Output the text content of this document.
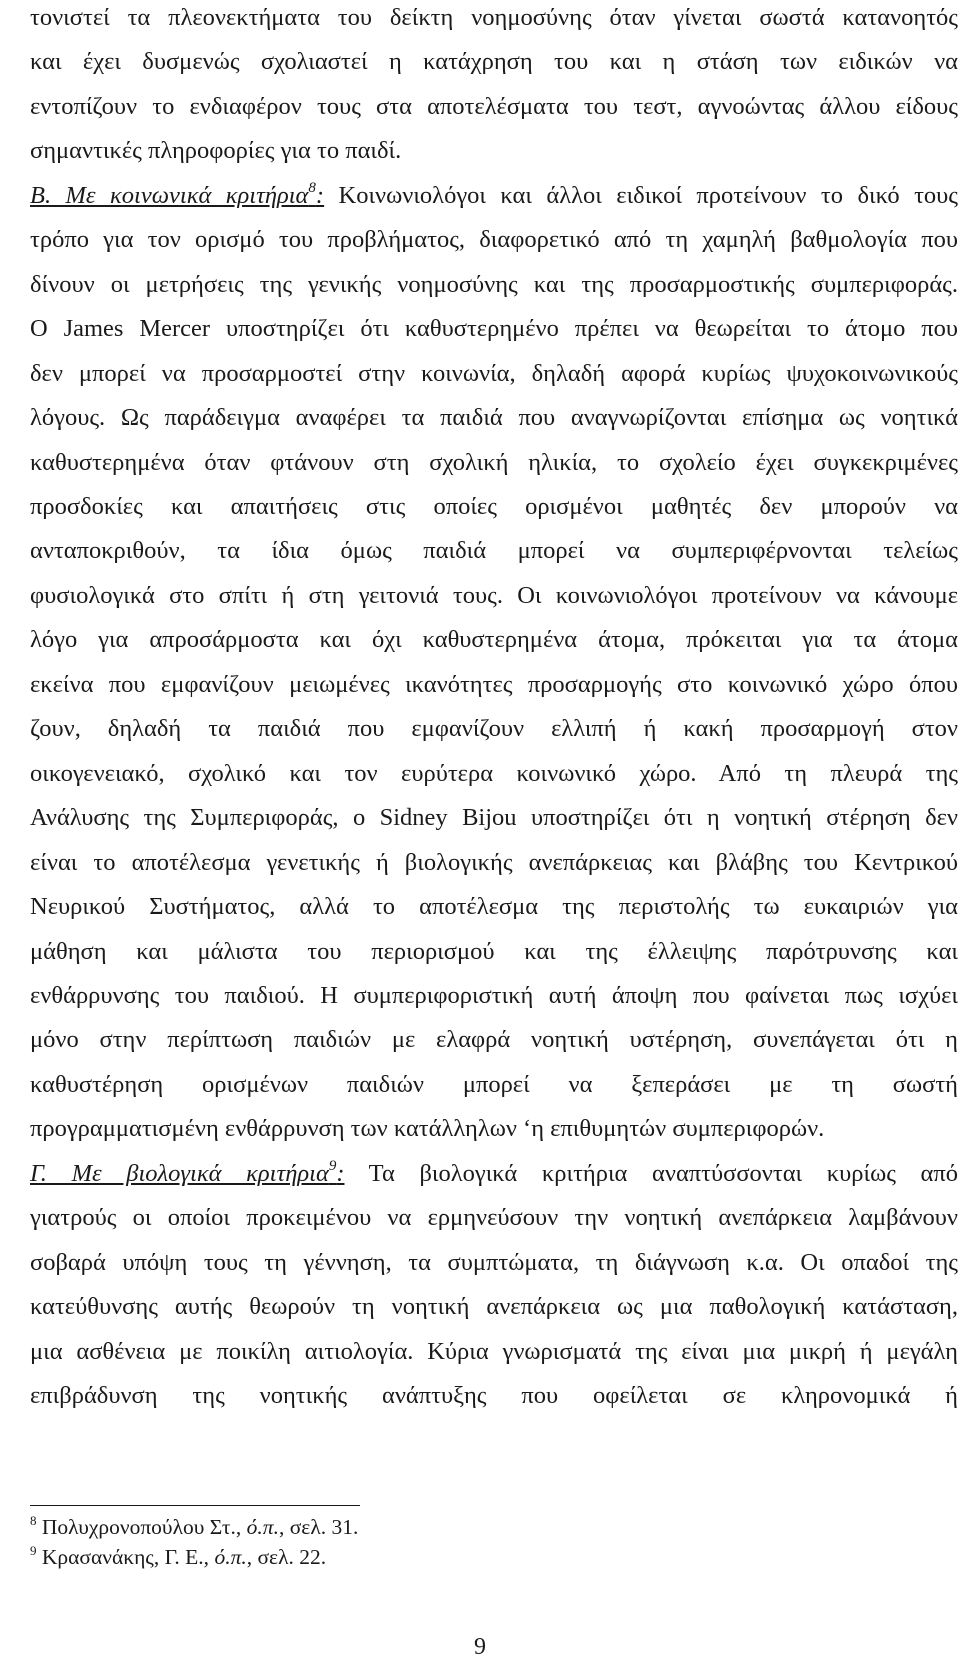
τονιστεί τα πλεονεκτήματα του δείκτη νοημοσύνης όταν γίνεται σωστά κατανοητός
και έχει δυσμενώς σχολιαστεί η κατάχρηση του και η στάση των ειδικών να
εντοπίζουν το ενδιαφέρον τους στα αποτελέσματα του τεστ, αγνοώντας άλλου είδους
σημαντικές πληροφορίες για το παιδί.
Β. Με κοινωνικά κριτήρια$^8$: Κοινωνιολόγοι και άλλοι ειδικοί προτείνουν το δικό τους
τρόπο για τον ορισμό του προβλήματος, διαφορετικό από τη χαμηλή βαθμολογία που
δίνουν οι μετρήσεις της γενικής νοημοσύνης και της προσαρμοστικής συμπεριφοράς.
Ο James Mercer υποστηρίζει ότι καθυστερημένο πρέπει να θεωρείται το άτομο που
δεν μπορεί να προσαρμοστεί στην κοινωνία, δηλαδή αφορά κυρίως ψυχοκοινωνικούς
λόγους. Ως παράδειγμα αναφέρει τα παιδιά που αναγνωρίζονται επίσημα ως νοητικά
καθυστερημένα όταν φτάνουν στη σχολική ηλικία, το σχολείο έχει συγκεκριμένες
προσδοκίες και απαιτήσεις στις οποίες ορισμένοι μαθητές δεν μπορούν να
ανταποκριθούν, τα ίδια όμως παιδιά μπορεί να συμπεριφέρνονται τελείως
φυσιολογικά στο σπίτι ή στη γειτονιά τους. Οι κοινωνιολόγοι προτείνουν να κάνουμε
λόγο για απροσάρμοστα και όχι καθυστερημένα άτομα, πρόκειται για τα άτομα
εκείνα που εμφανίζουν μειωμένες ικανότητες προσαρμογής στο κοινωνικό χώρο όπου
ζουν, δηλαδή τα παιδιά που εμφανίζουν ελλιπή ή κακή προσαρμογή στον
οικογενειακό, σχολικό και τον ευρύτερα κοινωνικό χώρο. Από τη πλευρά της
Ανάλυσης της Συμπεριφοράς, ο Sidney Bijou υποστηρίζει ότι η νοητική στέρηση δεν
είναι το αποτέλεσμα γενετικής ή βιολογικής ανεπάρκειας και βλάβης του Κεντρικού
Νευρικού Συστήματος, αλλά το αποτέλεσμα της περιστολής τω ευκαιριών για
μάθηση και μάλιστα του περιορισμού και της έλλειψης παρότρυνσης και
ενθάρρυνσης του παιδιού. Η συμπεριφοριστική αυτή άποψη που φαίνεται πως ισχύει
μόνο στην περίπτωση παιδιών με ελαφρά νοητική υστέρηση, συνεπάγεται ότι η
καθυστέρηση ορισμένων παιδιών μπορεί να ξεπεράσει με τη σωστή
προγραμματισμένη ενθάρρυνση των κατάλληλων ‘η επιθυμητών συμπεριφορών.
Γ. Με βιολογικά κριτήρια$^9$: Τα βιολογικά κριτήρια αναπτύσσονται κυρίως από
γιατρούς οι οποίοι προκειμένου να ερμηνεύσουν την νοητική ανεπάρκεια λαμβάνουν
σοβαρά υπόψη τους τη γέννηση, τα συμπτώματα, τη διάγνωση κ.α. Οι οπαδοί της
κατεύθυνσης αυτής θεωρούν τη νοητική ανεπάρκεια ως μια παθολογική κατάσταση,
μια ασθένεια με ποικίλη αιτιολογία. Κύρια γνωρισματά της είναι μια μικρή ή μεγάλη
επιβράδυνση της νοητικής ανάπτυξης που οφείλεται σε κληρονομικά ή
$^8$ Πολυχρονοπούλου Στ., ό.π., σελ. 31.
$^9$ Κρασανάκης, Γ. Ε., ό.π., σελ. 22.
9
